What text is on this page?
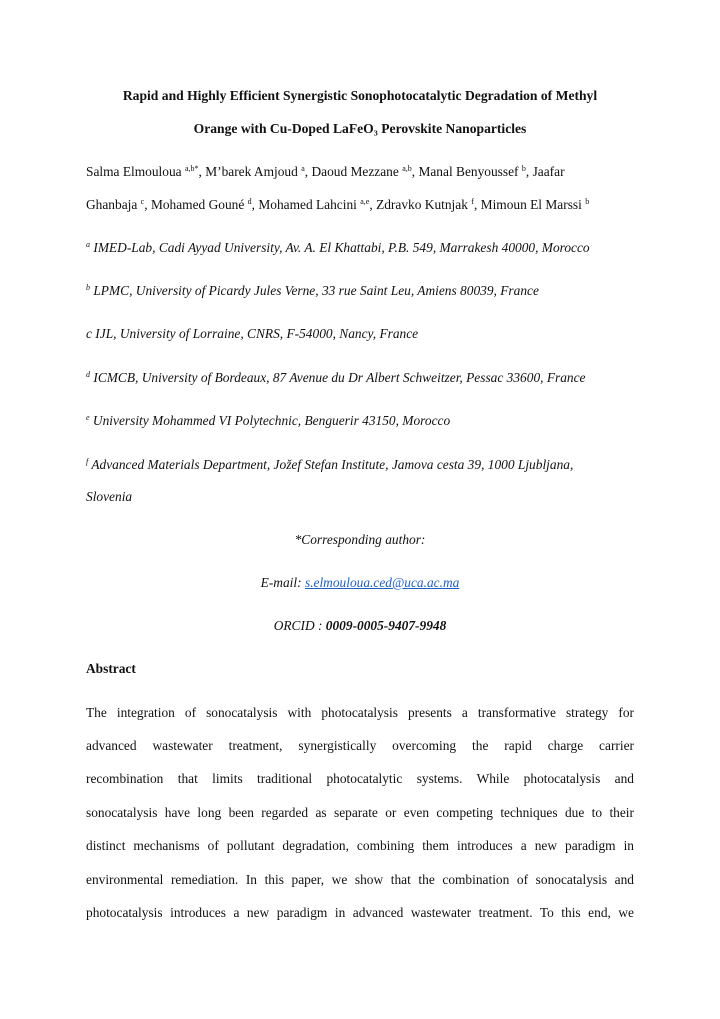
Rapid and Highly Efficient Synergistic Sonophotocatalytic Degradation of Methyl
Orange with Cu-Doped LaFeO₃ Perovskite Nanoparticles
Salma Elmouloua $^{a,b*}$, M’barek Amjoud $^a$, Daoud Mezzane $^{a,b}$, Manal Benyoussef $^b$, Jaafar
Ghanbaja $^c$, Mohamed Gouné $^d$, Mohamed Lahcini $^{a,e}$, Zdravko Kutnjak $^f$, Mimoun El Marssi $^b$
$^a$ IMED-Lab, Cadi Ayyad University, Av. A. El Khattabi, P.B. 549, Marrakesh 40000, Morocco
$^b$ LPMC, University of Picardy Jules Verne, 33 rue Saint Leu, Amiens 80039, France
c IJL, University of Lorraine, CNRS, F-54000, Nancy, France
$^d$ ICMCB, University of Bordeaux, 87 Avenue du Dr Albert Schweitzer, Pessac 33600, France
$^e$ University Mohammed VI Polytechnic, Benguerir 43150, Morocco
$^f$ Advanced Materials Department, Jožef Stefan Institute, Jamova cesta 39, 1000 Ljubljana,
Slovenia
*Corresponding author:
E-mail: s.elmouloua.ced@uca.ac.ma
ORCID : 0009-0005-9407-9948
Abstract
The integration of sonocatalysis with photocatalysis presents a transformative strategy for
advanced wastewater treatment, synergistically overcoming the rapid charge carrier
recombination that limits traditional photocatalytic systems. While photocatalysis and
sonocatalysis have long been regarded as separate or even competing techniques due to their
distinct mechanisms of pollutant degradation, combining them introduces a new paradigm in
environmental remediation. In this paper, we show that the combination of sonocatalysis and
photocatalysis introduces a new paradigm in advanced wastewater treatment. To this end, we
